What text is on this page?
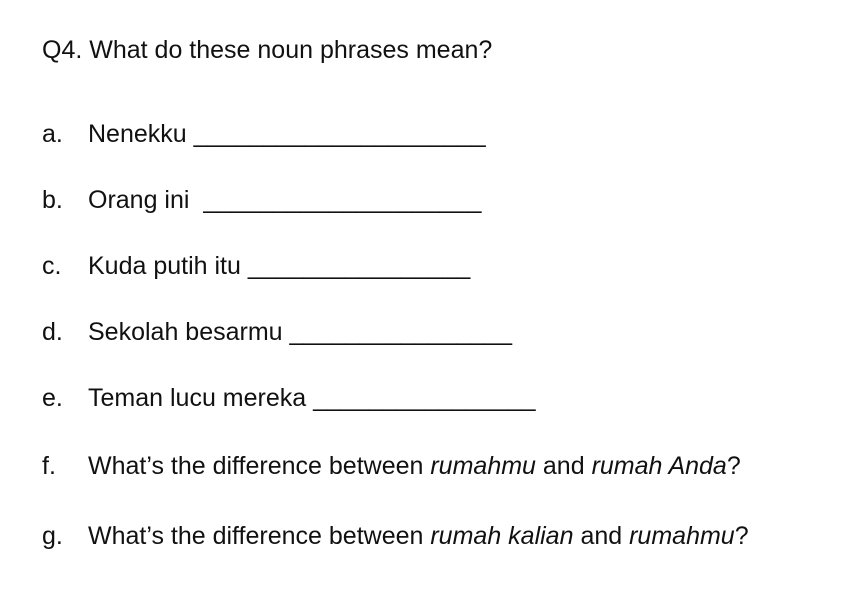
Q4. What do these noun phrases mean?
a. Nenekku _____________________
b. Orang ini ____________________
c. Kuda putih itu ________________
d. Sekolah besarmu ________________
e. Teman lucu mereka ________________
f. What’s the difference between rumahmu and rumah Anda?
g. What’s the difference between rumah kalian and rumahmu?
